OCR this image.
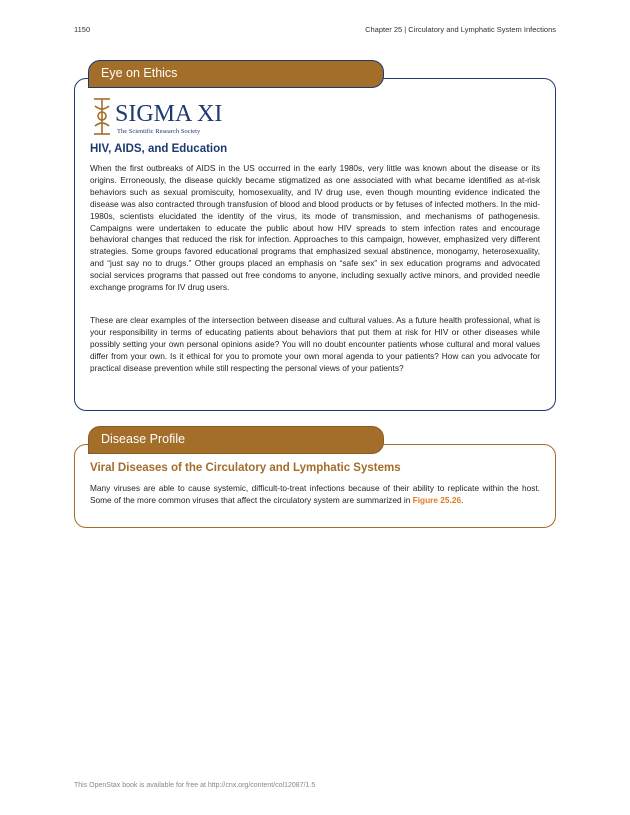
1150	Chapter 25 | Circulatory and Lymphatic System Infections
Eye on Ethics
SIGMA XI
The Scientific Research Society
HIV, AIDS, and Education

When the first outbreaks of AIDS in the US occurred in the early 1980s, very little was known about the disease or its origins. Erroneously, the disease quickly became stigmatized as one associated with what became identified as at-risk behaviors such as sexual promiscuity, homosexuality, and IV drug use, even though mounting evidence indicated the disease was also contracted through transfusion of blood and blood products or by fetuses of infected mothers. In the mid-1980s, scientists elucidated the identity of the virus, its mode of transmission, and mechanisms of pathogenesis. Campaigns were undertaken to educate the public about how HIV spreads to stem infection rates and encourage behavioral changes that reduced the risk for infection. Approaches to this campaign, however, emphasized very different strategies. Some groups favored educational programs that emphasized sexual abstinence, monogamy, heterosexuality, and “just say no to drugs.” Other groups placed an emphasis on “safe sex” in sex education programs and advocated social services programs that passed out free condoms to anyone, including sexually active minors, and provided needle exchange programs for IV drug users.

These are clear examples of the intersection between disease and cultural values. As a future health professional, what is your responsibility in terms of educating patients about behaviors that put them at risk for HIV or other diseases while possibly setting your own personal opinions aside? You will no doubt encounter patients whose cultural and moral values differ from your own. Is it ethical for you to promote your own moral agenda to your patients? How can you advocate for practical disease prevention while still respecting the personal views of your patients?

Disease Profile
Viral Diseases of the Circulatory and Lymphatic Systems

Many viruses are able to cause systemic, difficult-to-treat infections because of their ability to replicate within the host. Some of the more common viruses that affect the circulatory system are summarized in Figure 25.26.

This OpenStax book is available for free at http://cnx.org/content/col12087/1.5
